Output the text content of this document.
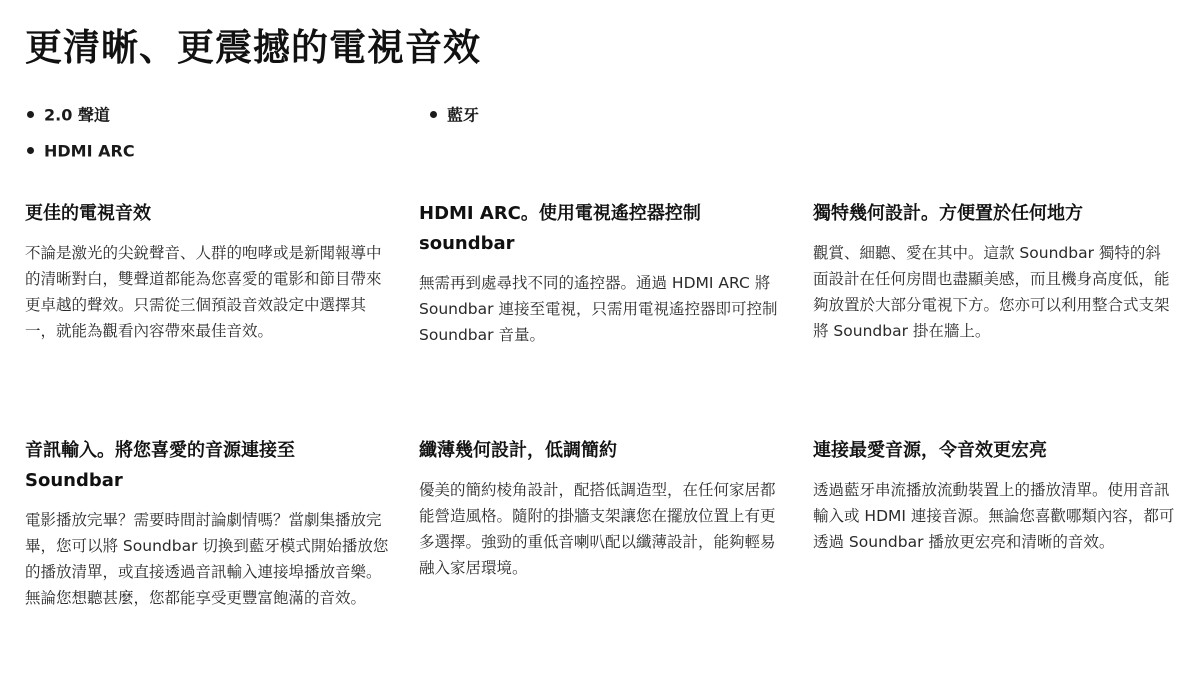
更清晰、更震撼的電視音效
2.0 聲道	藍牙
HDMI ARC
更佳的電視音效

不論是激光的尖銳聲音、人群的咆哮或是新聞報導中的清晰對白，雙聲道都能為您喜愛的電影和節目帶來更卓越的聲效。只需從三個預設音效設定中選擇其一，就能為觀看內容帶來最佳音效。

HDMI ARC。使用電視遙控器控制 soundbar

無需再到處尋找不同的遙控器。通過 HDMI ARC 將 Soundbar 連接至電視，只需用電視遙控器即可控制 Soundbar 音量。

獨特幾何設計。方便置於任何地方

觀賞、細聽、愛在其中。這款 Soundbar 獨特的斜面設計在任何房間也盡顯美感，而且機身高度低，能夠放置於大部分電視下方。您亦可以利用整合式支架將 Soundbar 掛在牆上。

音訊輸入。將您喜愛的音源連接至 Soundbar

電影播放完畢？需要時間討論劇情嗎？當劇集播放完畢，您可以將 Soundbar 切換到藍牙模式開始播放您的播放清單，或直接透過音訊輸入連接埠播放音樂。無論您想聽甚麼，您都能享受更豐富飽滿的音效。

纖薄幾何設計，低調簡約

優美的簡約棱角設計，配搭低調造型，在任何家居都能營造風格。隨附的掛牆支架讓您在擺放位置上有更多選擇。強勁的重低音喇叭配以纖薄設計，能夠輕易融入家居環境。

連接最愛音源，令音效更宏亮

透過藍牙串流播放流動裝置上的播放清單。使用音訊輸入或 HDMI 連接音源。無論您喜歡哪類內容，都可透過 Soundbar 播放更宏亮和清晰的音效。
